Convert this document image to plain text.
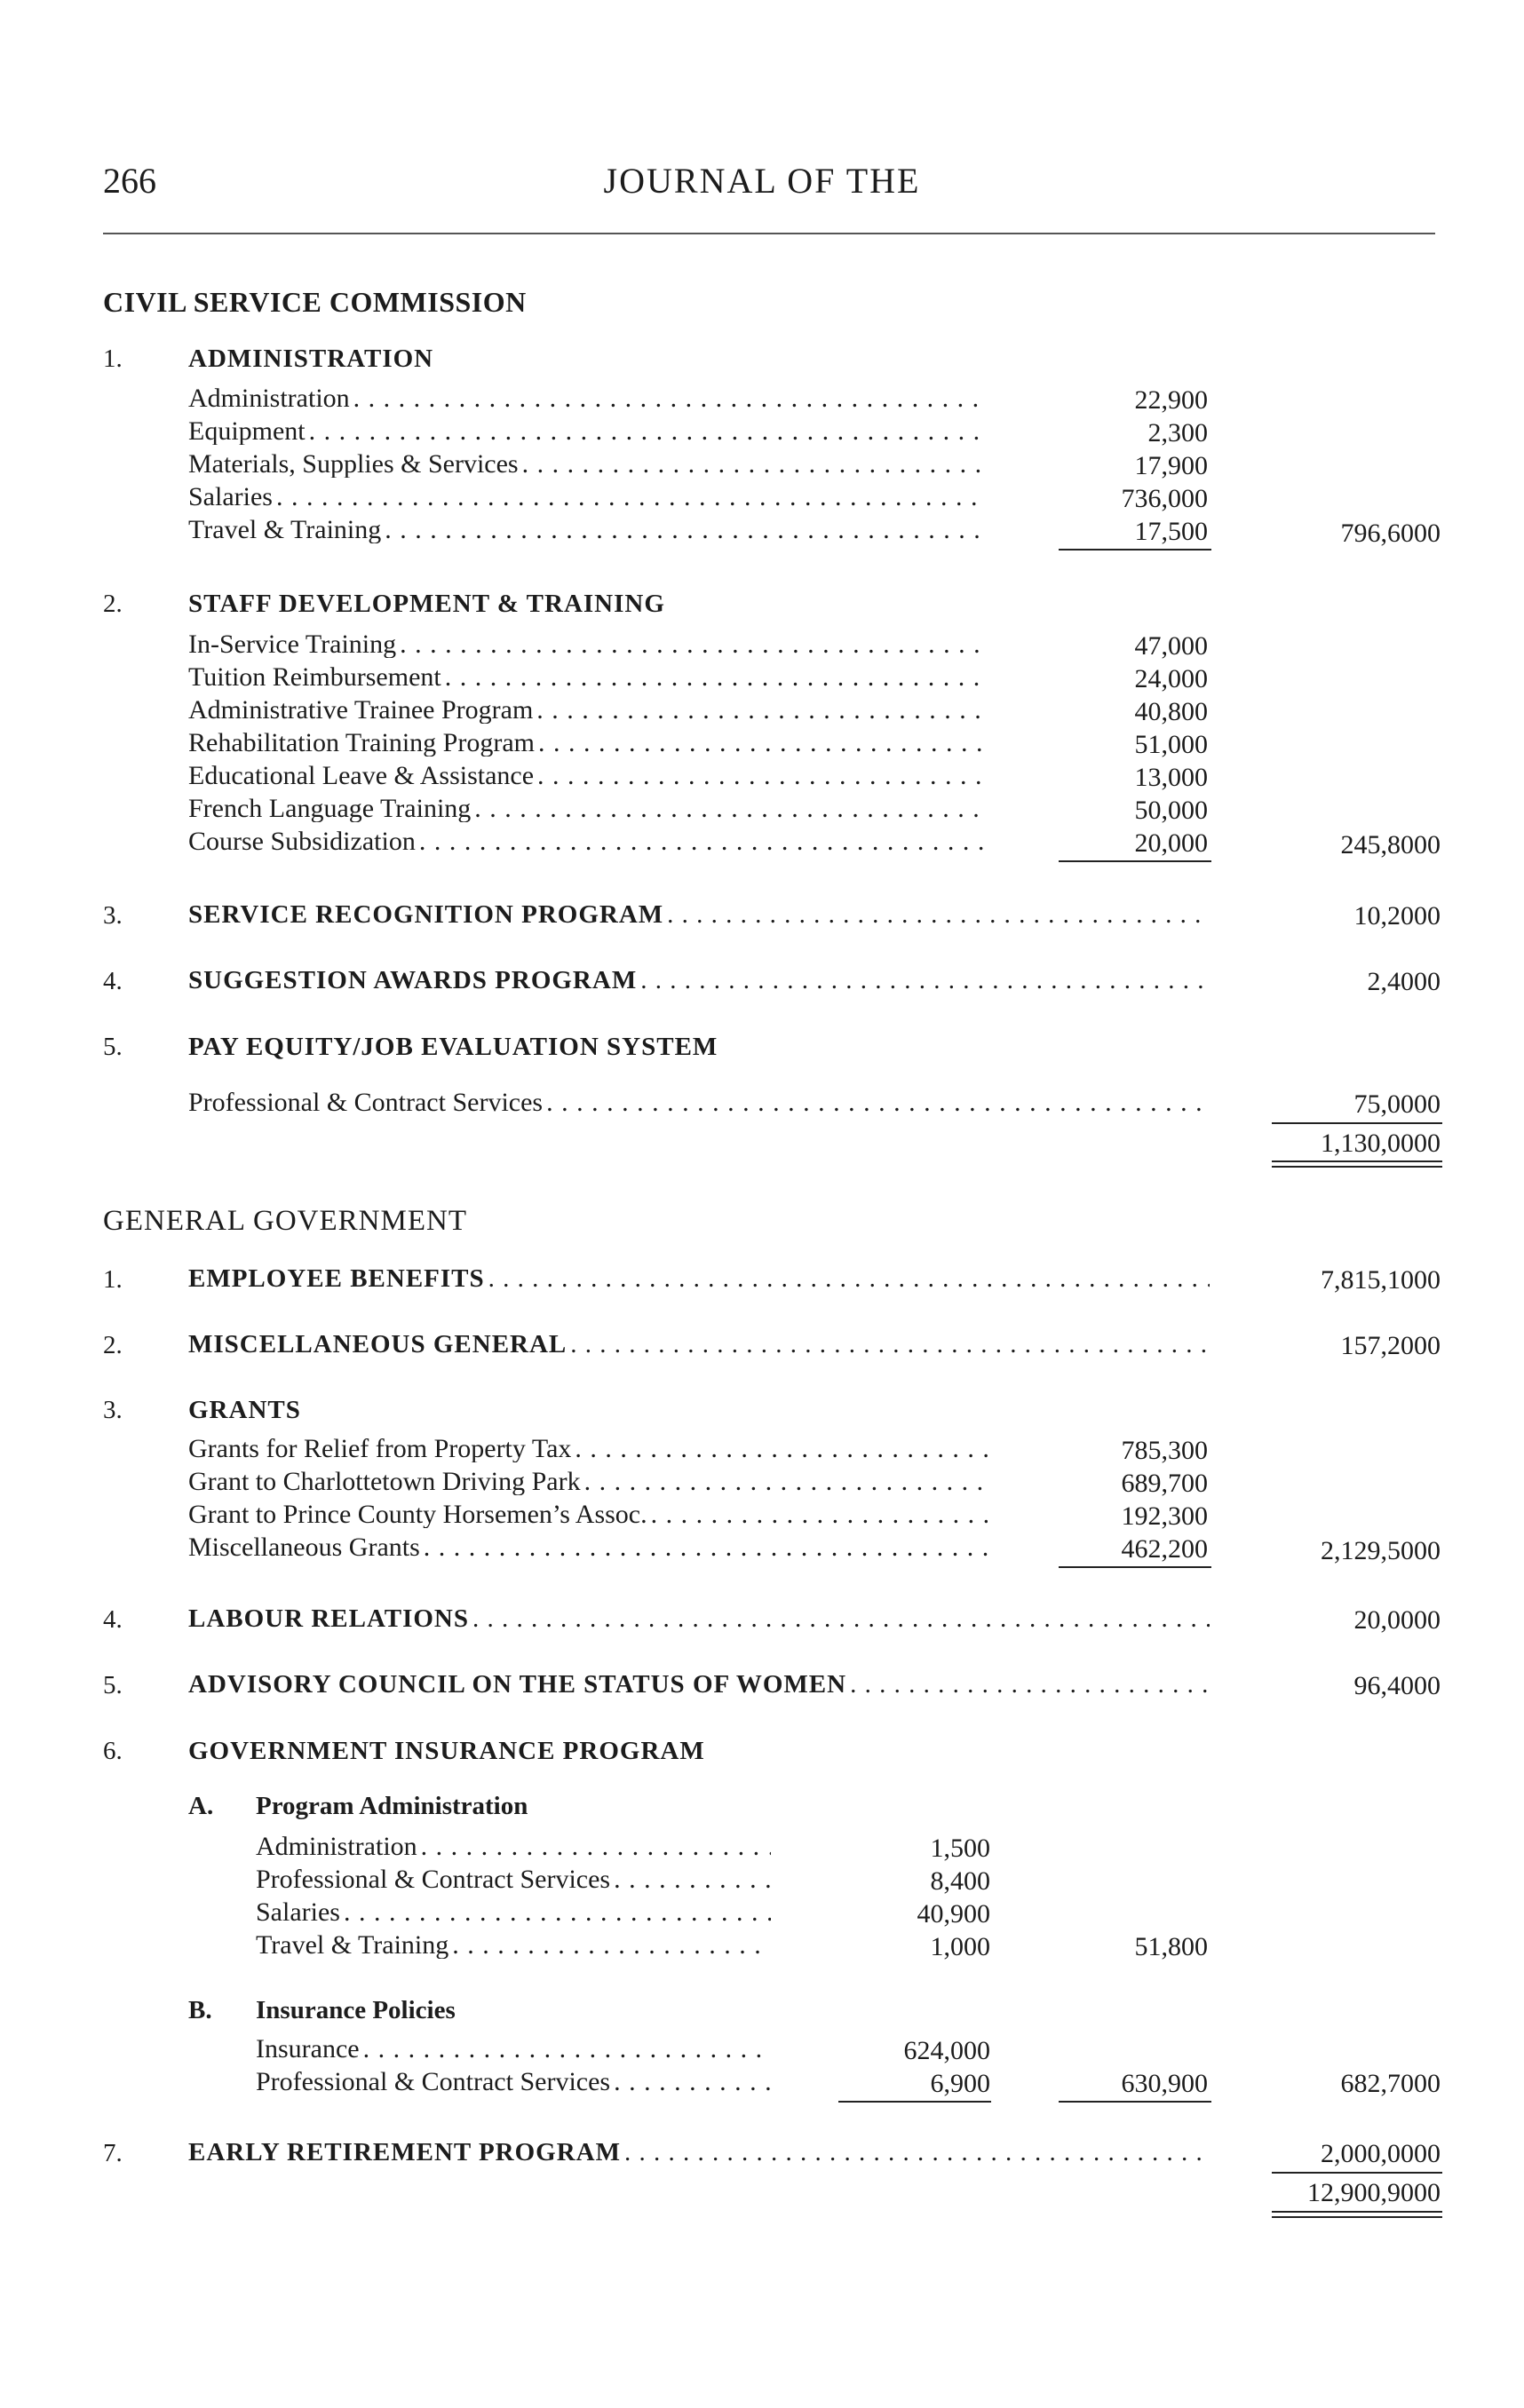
266	JOURNAL OF THE
CIVIL SERVICE COMMISSION
1.	ADMINISTRATION
Administration . . .	22,900
Equipment . . .	2,300
Materials, Supplies & Services . . .	17,900
Salaries . . .	736,000
Travel & Training . . .	17,500	796,6000
2.	STAFF DEVELOPMENT & TRAINING
In-Service Training . . .	47,000
Tuition Reimbursement . . .	24,000
Administrative Trainee Program . . .	40,800
Rehabilitation Training Program . . .	51,000
Educational Leave & Assistance . . .	13,000
French Language Training . . .	50,000
Course Subsidization . . .	20,000	245,8000
3.	SERVICE RECOGNITION PROGRAM . . .	10,2000
4.	SUGGESTION AWARDS PROGRAM . . .	2,4000
5.	PAY EQUITY/JOB EVALUATION SYSTEM
Professional & Contract Services . . .	75,0000
1,130,0000
GENERAL GOVERNMENT
1.	EMPLOYEE BENEFITS . . .	7,815,1000
2.	MISCELLANEOUS GENERAL . . .	157,2000
3.	GRANTS
Grants for Relief from Property Tax . . .	785,300
Grant to Charlottetown Driving Park . . .	689,700
Grant to Prince County Horsemen’s Assoc. . . .	192,300
Miscellaneous Grants . . .	462,200	2,129,5000
4.	LABOUR RELATIONS . . .	20,0000
5.	ADVISORY COUNCIL ON THE STATUS OF WOMEN . . .	96,4000
6.	GOVERNMENT INSURANCE PROGRAM
A. Program Administration
Administration . . .	1,500
Professional & Contract Services . . .	8,400
Salaries . . .	40,900
Travel & Training . . .	1,000	51,800
B. Insurance Policies
Insurance . . .	624,000
Professional & Contract Services . . .	6,900	630,900	682,7000
7.	EARLY RETIREMENT PROGRAM . . .	2,000,0000
12,900,9000
